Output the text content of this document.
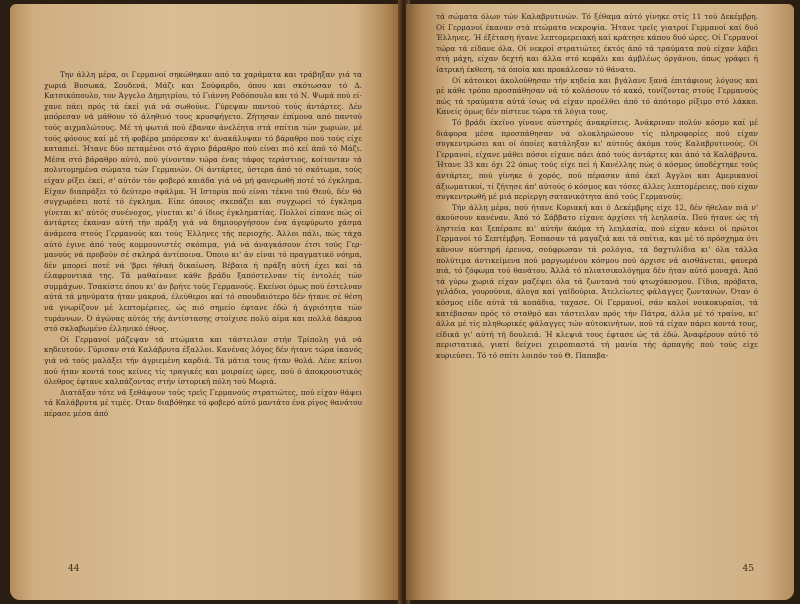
Την άλλη μέρα, οι Γερμανοί σηκώθηκαν από τα χαράματα και τράβηξαν γιά τα χωριά Βυσωκά, Σουδενά, Μάζι και Σούφαρδο, όπου και σκότωσαν τό Δ. Κατσικόπουλο, τον Άγγελο Δημητρίου, τό Γιάννη Ροδόπουλο και τό Ν. Ψωμά πού είχανε πάει πρός τά έκεί γιά νά σωθούνε. Γύρεψαν παντού τούς άντάρτες. Δέν μπόρεσαν νά μάθουν τό άληθινό τους κρυσφήγετο. Ζήτησαν έπίμονα από παντού τούς αιχμαλώτους. Μέ τή φωτιά πού έβαναν άνελέητα στά σπίτια τών χωριών, μέ τούς φόνους καί μέ τή φοβέρα μπόρεσαν κι' άνακάλυψαν τό βάραθρο πού τούς είχε καταπιεί. Ήτανε δύο πεταμένοι στό άγριο βάραθρο πού είναι πιό κεί άπό τό Μάζι. Μέσα στό βάραθρο αύτό, πού γίνονταν τώρα ένας τάφος τεράστιος, κοίτονταν τά πολυτομημένα σώματα τών Γερμανών. Οί άντάρτες, ύστερα άπό τό σκότωμα, τούς είχαν ρίξει έκεί, σ' αύτόν τόν φοβερό καιάδα γιά νά μή φανερωθή ποτέ τό έγκλημα. Είχαν διαπράξει τό δεύτερο σφάλμα. Ή Ιστορία πού είναι τέκνο τού Θεού, δέν θά συγχωρέσει ποτέ τό έγκλημα. Είπε όποιος σκεπάζει και συγχωρεί τό έγκλημα γίνεται κι' αύτός συνένοχος, γίνεται κι' ό ίδιος έγκληματίας. Πολλοί είπανε πώς οί άντάρτες έκαναν αύτή τήν πράξη γιά νά δημιουργήσουν ένα άγεφύρωτο χάσμα άνάμεσα στούς Γερμανούς και τούς Έλληνες τής περιοχής. Άλλοι πάλι, πώς τάχα αύτό έγινε άπό τούς κομμουνιστές σκόπιμα, γιά νά άναγκάσουν έτσι τούς Γερμανούς νά προβούν σέ σκληρά άντίποινα. Όποιο κι' άν είναι τό πραγματικό νόημα, δέν μπορεί ποτέ νά 'βρει ήθική δικαίωση. Βέβαια ή πράξη αύτή έχει καί τά έλαφρυντικά της. Τά μαθαίνανε κάθε βράδυ ξαπόστελναν τίς έντολές τών συμμάχων. Τσακίστε όπου κι' άν βρήτε τούς Γερμανούς. Εκείνοι όμως πού έστελναν αύτά τά μηνύματα ήταν μακρυά, έλεύθεροι καί τό σπουδαιότερο δέν ήτανε σέ θέση νά γνωρίζουν μέ λεπτομέρειες, ώς πιό σημείο έφτανε έδώ ή άγριότητα τών τυράννων. Ό άγώνας αύτός τής άντίστασης στοίχισε πολύ αίμα και πολλά δάκρυα στό σκλαβωμένο έλληνικό έθνος.

Οί Γερμανοί μάζεψαν τά πτώματα και τάστειλαν στήν Τρίπολη γιά νά κηδευτούν. Γύρισαν στά Καλάβρυτα έξαλλοι. Κανένας λόγος δέν ήτανε τώρα ίκανός γιά νά τούς μαλάξει τήν άγριεμένη καρδιά. Τά μάτια τους ήταν θολά. Λένε κείνοι πού ήταν κοντά τους κείνες τίς τραγικές και μοιραίες ώρες, πού ό άποκρουστικός όλεθρος έφτανε καλπάζοντας στήν ίστορική πόλη τού Μωριά.

Διατάξαν τότε νά ξεθάψουν τούς τρεϊς Γερμανούς στρατιώτες, πού είχαν θάψει τά Καλάβρυτα μέ τιμές. Όταν διαβόθηκε τό φοβερό αύτό μαντάτο ένα ρίγος θανάτου πέρασε μέσα άπό

44

τά σώματα όλων τών Καλαβρυτινών. Τό ξέθαμα αύτό γίνηκε στίς 11 τού Δεκέμβρη. Οί Γερμανοί έκαναν στά πτώματα νεκροψία. Ήτανε τρεϊς γιατροί Γερμανοί καί δυό Έλληνες. Ή έξέταση ήτανε λεπτομερειακή καί κράτησε κάπου δυό ώρες. Οί Γερμανοί τώρα τά είδανε όλα. Οί νεκροί στρατιώτες έκτός άπό τά τραύματα πού είχαν λάβει στή μάχη, είχαν δεχτή και άλλα στό κεφάλι και άμβλέως όργάνου, όπως γράφει ή ίατρική έκθεση, τά όποία και προκάλεσαν τό θάνατο.

Οί κάτοικοι άκολούθησαν τήν κηδεία και βγάλανε ξανά έπιτάφιους λόγους και μέ κάθε τρόπο προσπάθησαν νά τό κολάσουν τό κακό, τονίζοντας στούς Γερμανούς πώς τά τραύματα αύτά ίσως νά είχαν προέλθει άπό τό άπότομο ρίξιμο στό λάκκο. Κανείς όμως δέν πίστευε τώρα τά λόγια τους.

Τό βράδι έκεϊνο γίνανε αύστηρές άνακρίσεις. Άνάκριναν πολύν κόσμο καί μέ διάφορα μέσα προσπάθησαν νά ολοκληρώσουν τίς πληροφορίες πού είχαν συγκεντρώσει και οί όποίες κατάληξαν κι' αύτούς άκόμα τούς Καλαβρυτινούς. Οί Γερμανοί, είχανε μάθει πόσοι είχανε πάει άπό τούς άντάρτες και άπό τά Καλάβρυτα. Ήτανε 33 και όχι 22 όπως τούς είχε πεί ή Κανέλλης πώς ό κόσμος ύποδέχτηκε τούς άντάρτες, πού γίνηκε ό χορός, πού πέρασαν άπό έκεϊ Άγγλοι και Αμερικανοί άξιωματικοί, τί ζήτησε άπ' αύτούς ό κόσμος και τόσες άλλες λεπτομέρειες, πού είχαν συγκεντρωθή μέ μιά περίεργη σατανικότητα άπό τούς Γερμανούς.

Τήν άλλη μέρα, πού ήτανε Κυριακή και ό Δεκέμβρης είχε 12, δέν ήθελαν πιά ν' άκούσουν κανέναν. Άπό τό Σάββατο είχανε άρχίσει τή λεηλασία. Πού ήτανε ώς τή ληστεία και ξεπέρασε κι' αύτήν άκόμα τή λεηλασία, πού είχαν κάνει οί πρώτοι Γερμανοί τό Σεπτέμβρη. Έσπασαν τά μαγαζιά και τά σπίτια, και μέ τό πρόσχημα ότι κάνουν αύστηρή έρευνα, σούφρωσαν τά ρολόγια, τά δαχτυλίδια κι' όλα τάλλα πολύτιμα άντικείμενα πού μαργωμένου κόσμου πού άρχισε νά αισθάνεται, φανερά πιά, τό ζόφωμα τού θανάτου. Άλλά τό πλιατσικολόγημα δέν ήταν αύτό μοναχά. Άπό τά γύρω χωριά είχαν μαζέψει όλα τά ζωντανά τού φτωχόκοσμου. Γίδια, πρόβατα, γελάδια, γουρούνια, άλογα καί γαϊδούρια. Άτελείωτες φάλαγγες ζωντανών. Όταν ό κόσμος είδε αύτά τά κοπάδια, ταχασε. Οί Γερμανοί, σάν καλοί νοικοκυραίοι, τά κατέβασαν πρός τό σταθμό και τάστειλαν πρός τήν Πάτρα, άλλα μέ τό τραίνο, κι' άλλα μέ τίς πληθωρικές φάλαγγες τών αύτοκινήτων, πού τά είχαν πάρει κοντά τους, είδικά γι' αύτή τή δουλειά. Ή κλεψιά τους έφτασε ώς τά έδώ. Άναφέρουν αύτό τό περιστατικό, γιατί δείχνει χειροπιαστά τή μανία τής άρπαγής πού τούς είχε κυριεύσει. Τό τό σπίτι λοιπόν τού Θ. Παπαβα-

45
